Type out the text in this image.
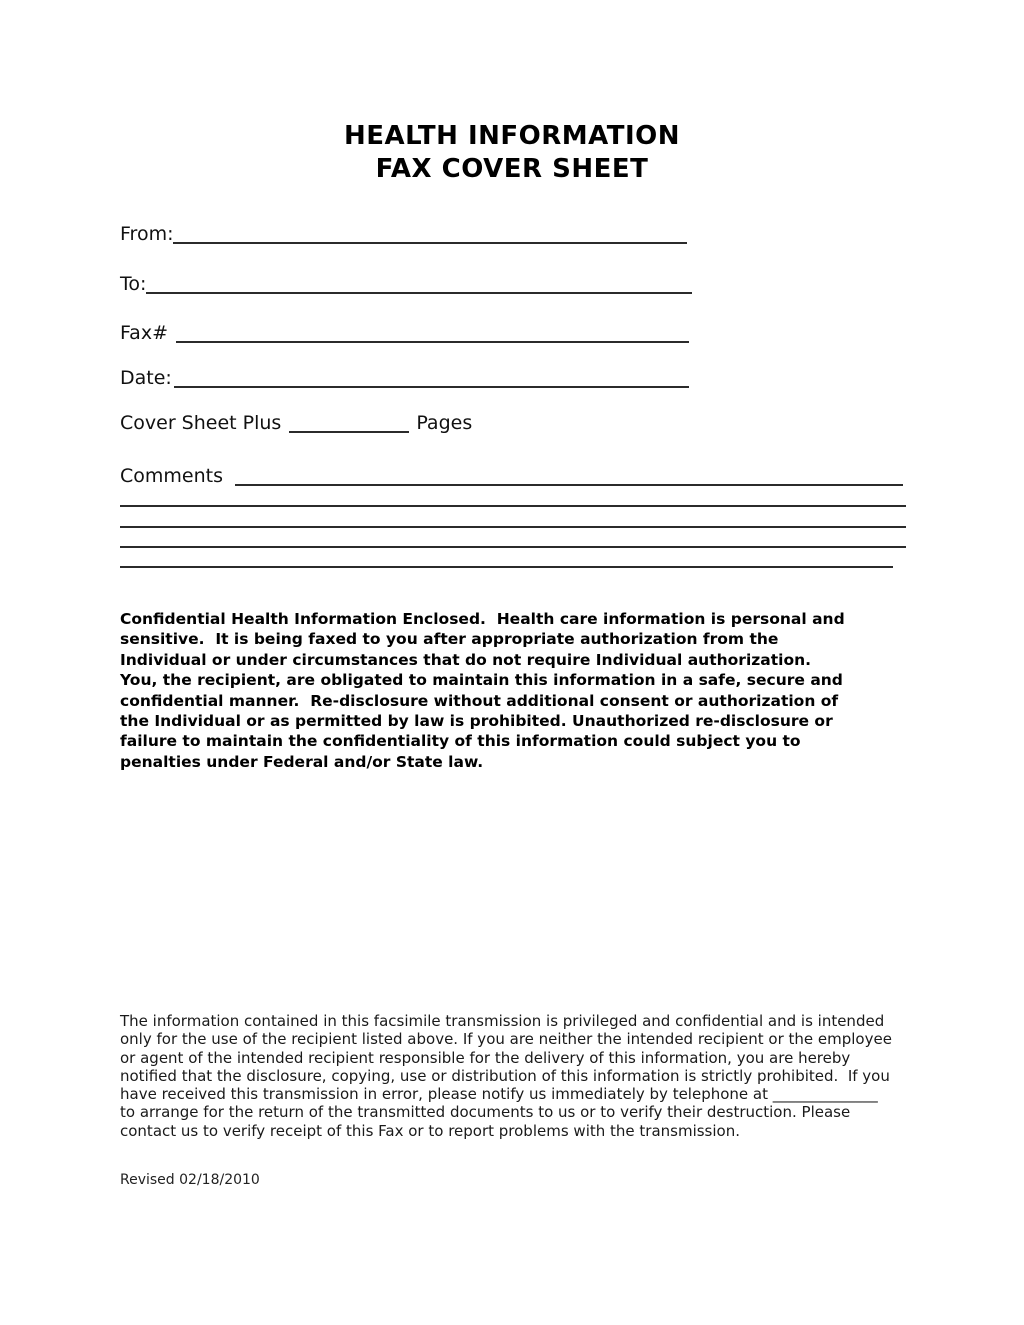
HEALTH INFORMATION
FAX COVER SHEET
From:
To:
Fax#
Date:
Cover Sheet Plus	Pages
Comments
Confidential Health Information Enclosed.  Health care information is personal and
sensitive.  It is being faxed to you after appropriate authorization from the
Individual or under circumstances that do not require Individual authorization.
You, the recipient, are obligated to maintain this information in a safe, secure and
confidential manner.  Re-disclosure without additional consent or authorization of
the Individual or as permitted by law is prohibited. Unauthorized re-disclosure or
failure to maintain the confidentiality of this information could subject you to
penalties under Federal and/or State law.
The information contained in this facsimile transmission is privileged and confidential and is intended
only for the use of the recipient listed above. If you are neither the intended recipient or the employee
or agent of the intended recipient responsible for the delivery of this information, you are hereby
notified that the disclosure, copying, use or distribution of this information is strictly prohibited.  If you
have received this transmission in error, please notify us immediately by telephone at ______________
to arrange for the return of the transmitted documents to us or to verify their destruction. Please
contact us to verify receipt of this Fax or to report problems with the transmission.
Revised 02/18/2010
